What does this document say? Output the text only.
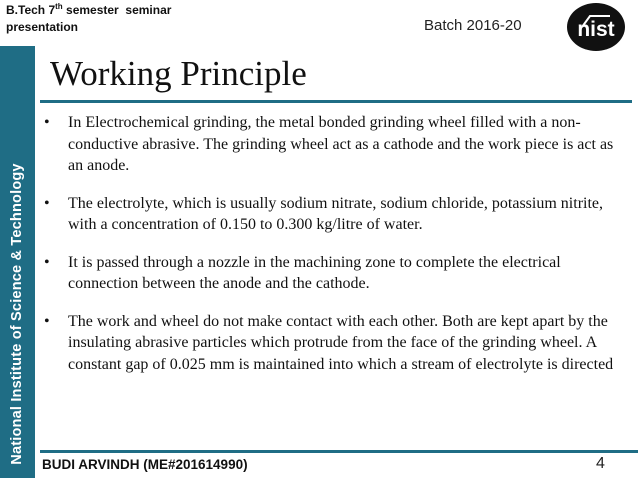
B.Tech 7th semester  seminar
presentation	Batch 2016-20	nist
National Institute of Science & Technology
Working Principle
• In Electrochemical grinding, the metal bonded grinding wheel filled with a non-conductive abrasive. The grinding wheel act as a cathode and the work piece is act as an anode.
• The electrolyte, which is usually sodium nitrate, sodium chloride, potassium nitrite, with a concentration of 0.150 to 0.300 kg/litre of water.
• It is passed through a nozzle in the machining zone to complete the electrical connection between the anode and the cathode.
• The work and wheel do not make contact with each other. Both are kept apart by the insulating abrasive particles which protrude from the face of the grinding wheel. A constant gap of 0.025 mm is maintained into which a stream of electrolyte is directed
BUDI ARVINDH (ME#201614990)	4
